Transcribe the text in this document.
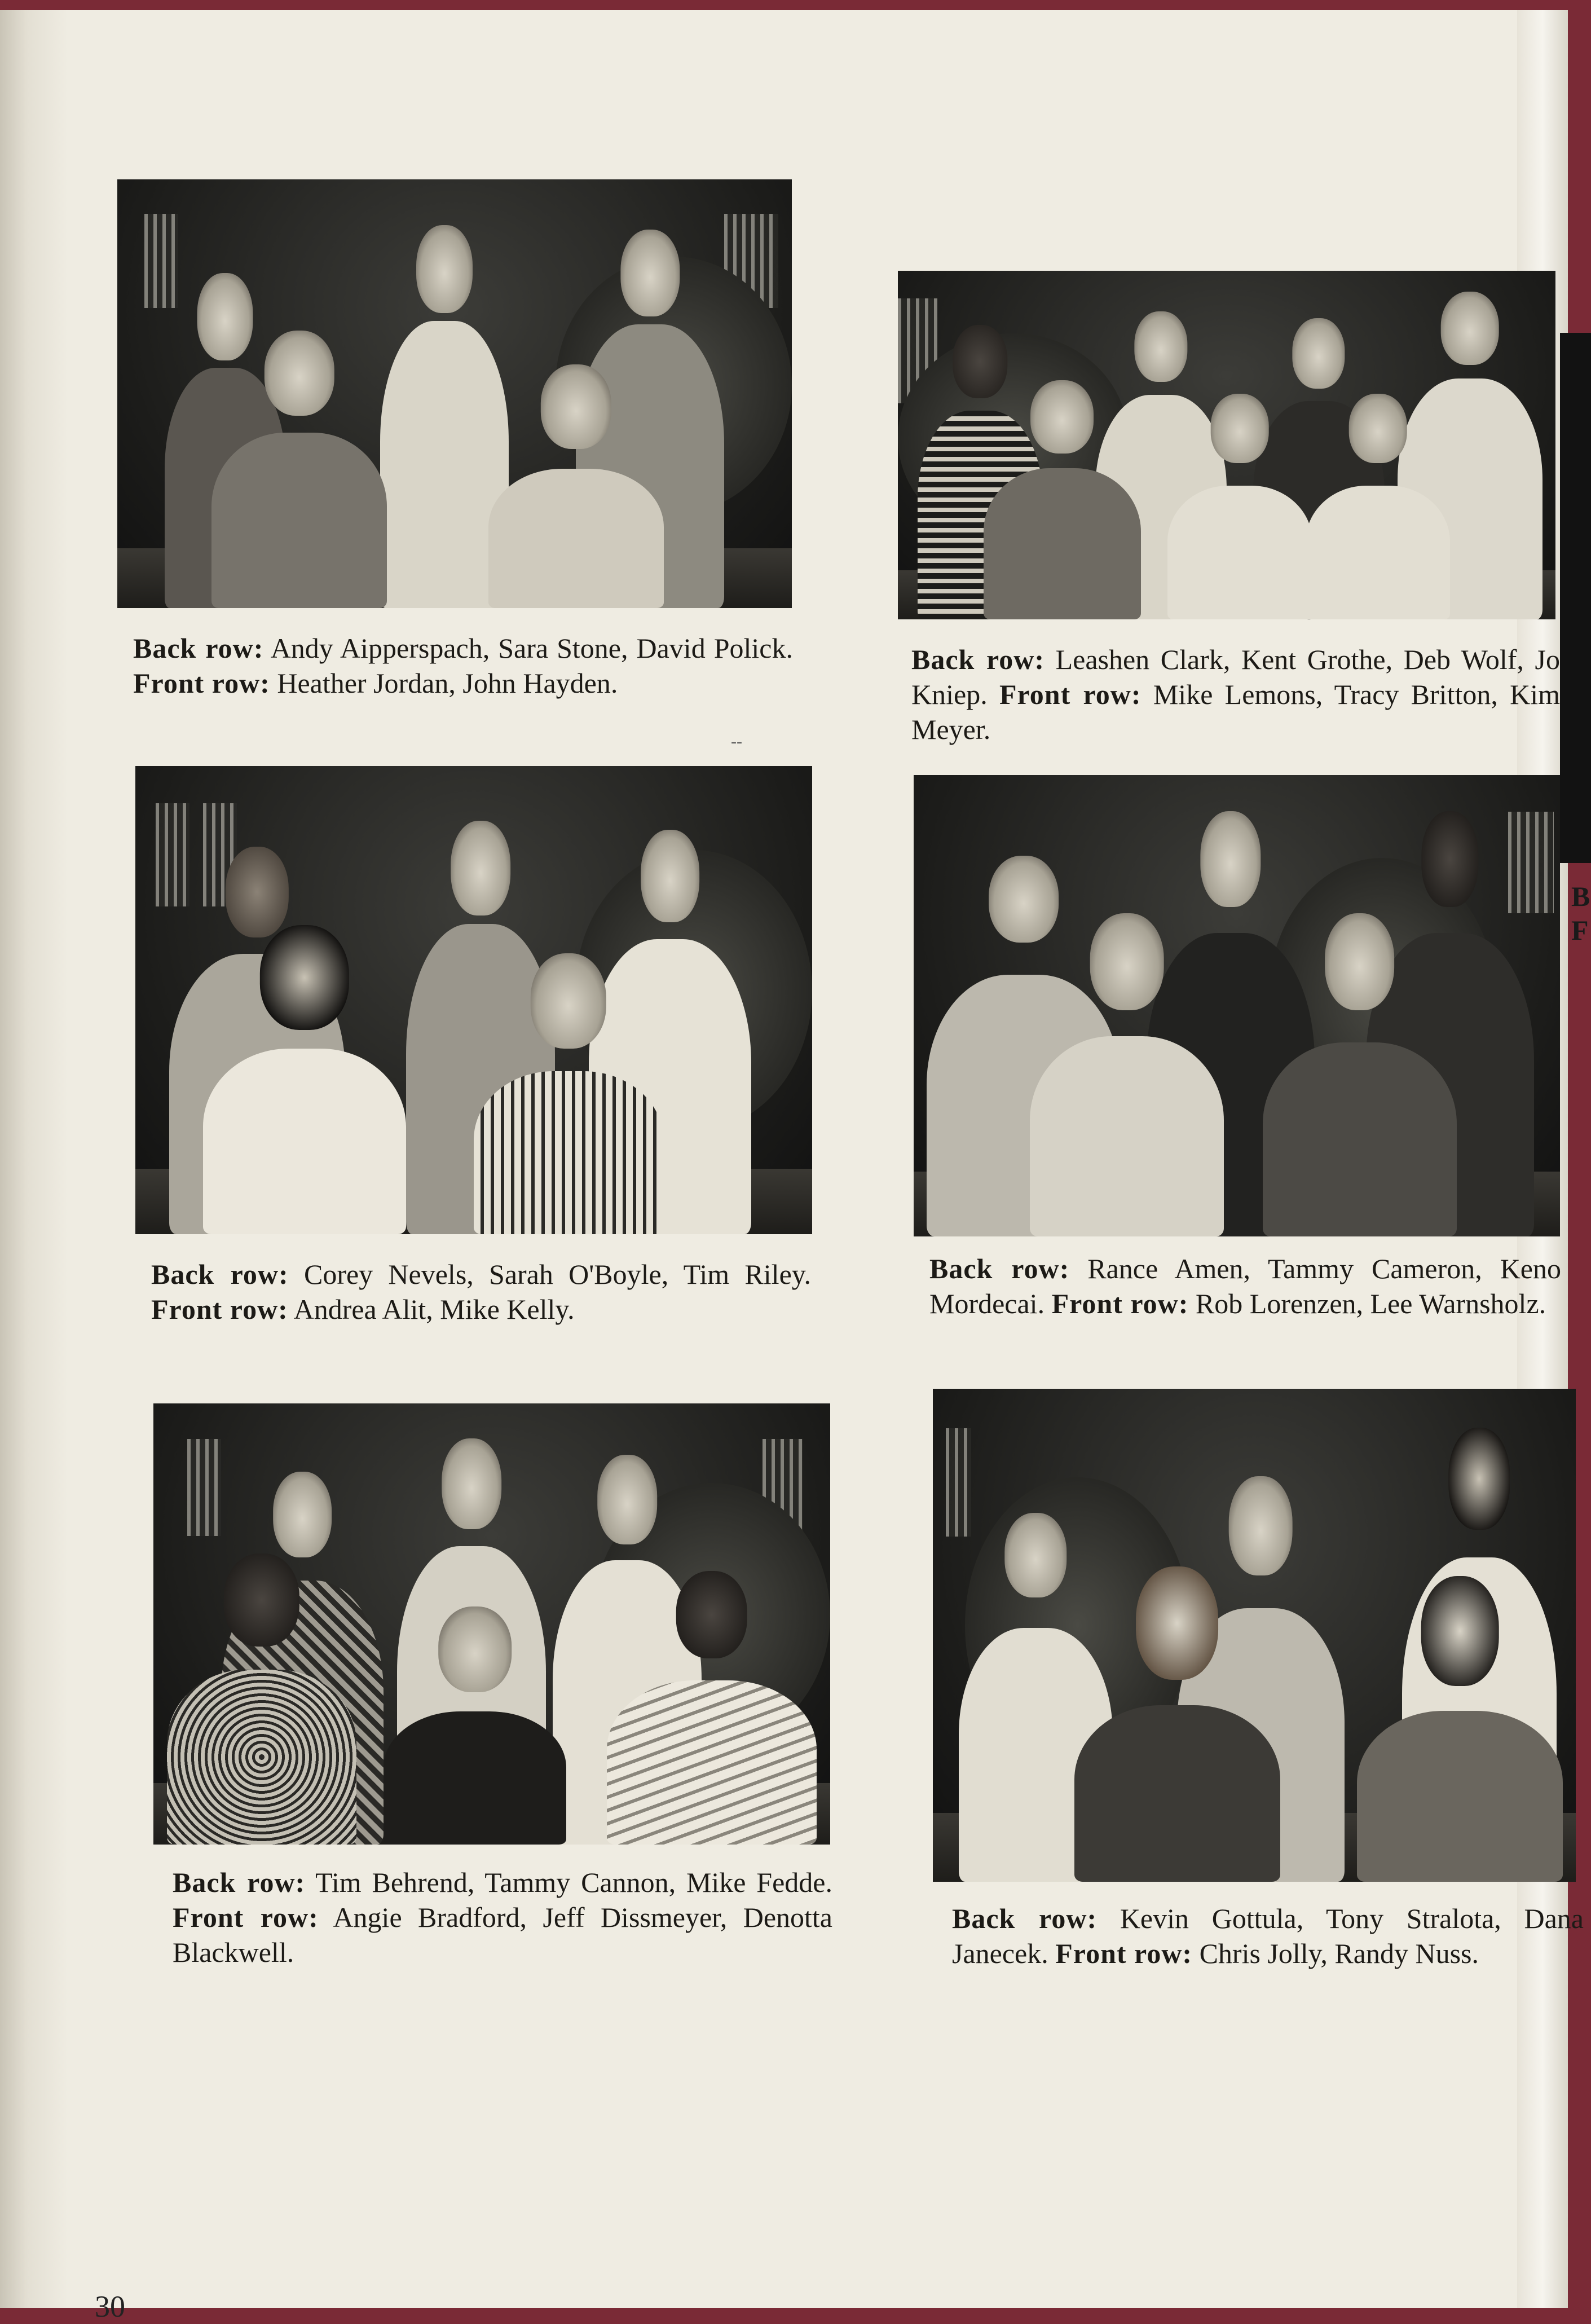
Back row: Andy Aipperspach, Sara Stone, David Polick. Front row: Heather Jordan, John Hayden.
--
Back row: Leashen Clark, Kent Grothe, Deb Wolf, Jo Kniep. Front row: Mike Lemons, Tracy Britton, Kim Meyer.
Back row: Corey Nevels, Sarah O'Boyle, Tim Riley. Front row: Andrea Alit, Mike Kelly.
Back row: Rance Amen, Tammy Cameron, Keno Mordecai. Front row: Rob Lorenzen, Lee Warnsholz.
Back row: Tim Behrend, Tammy Cannon, Mike Fedde. Front row: Angie Bradford, Jeff Dissmeyer, Denotta Blackwell.
Back row: Kevin Gottula, Tony Stralota, Dana Janecek. Front row: Chris Jolly, Randy Nuss.
30
B
F
